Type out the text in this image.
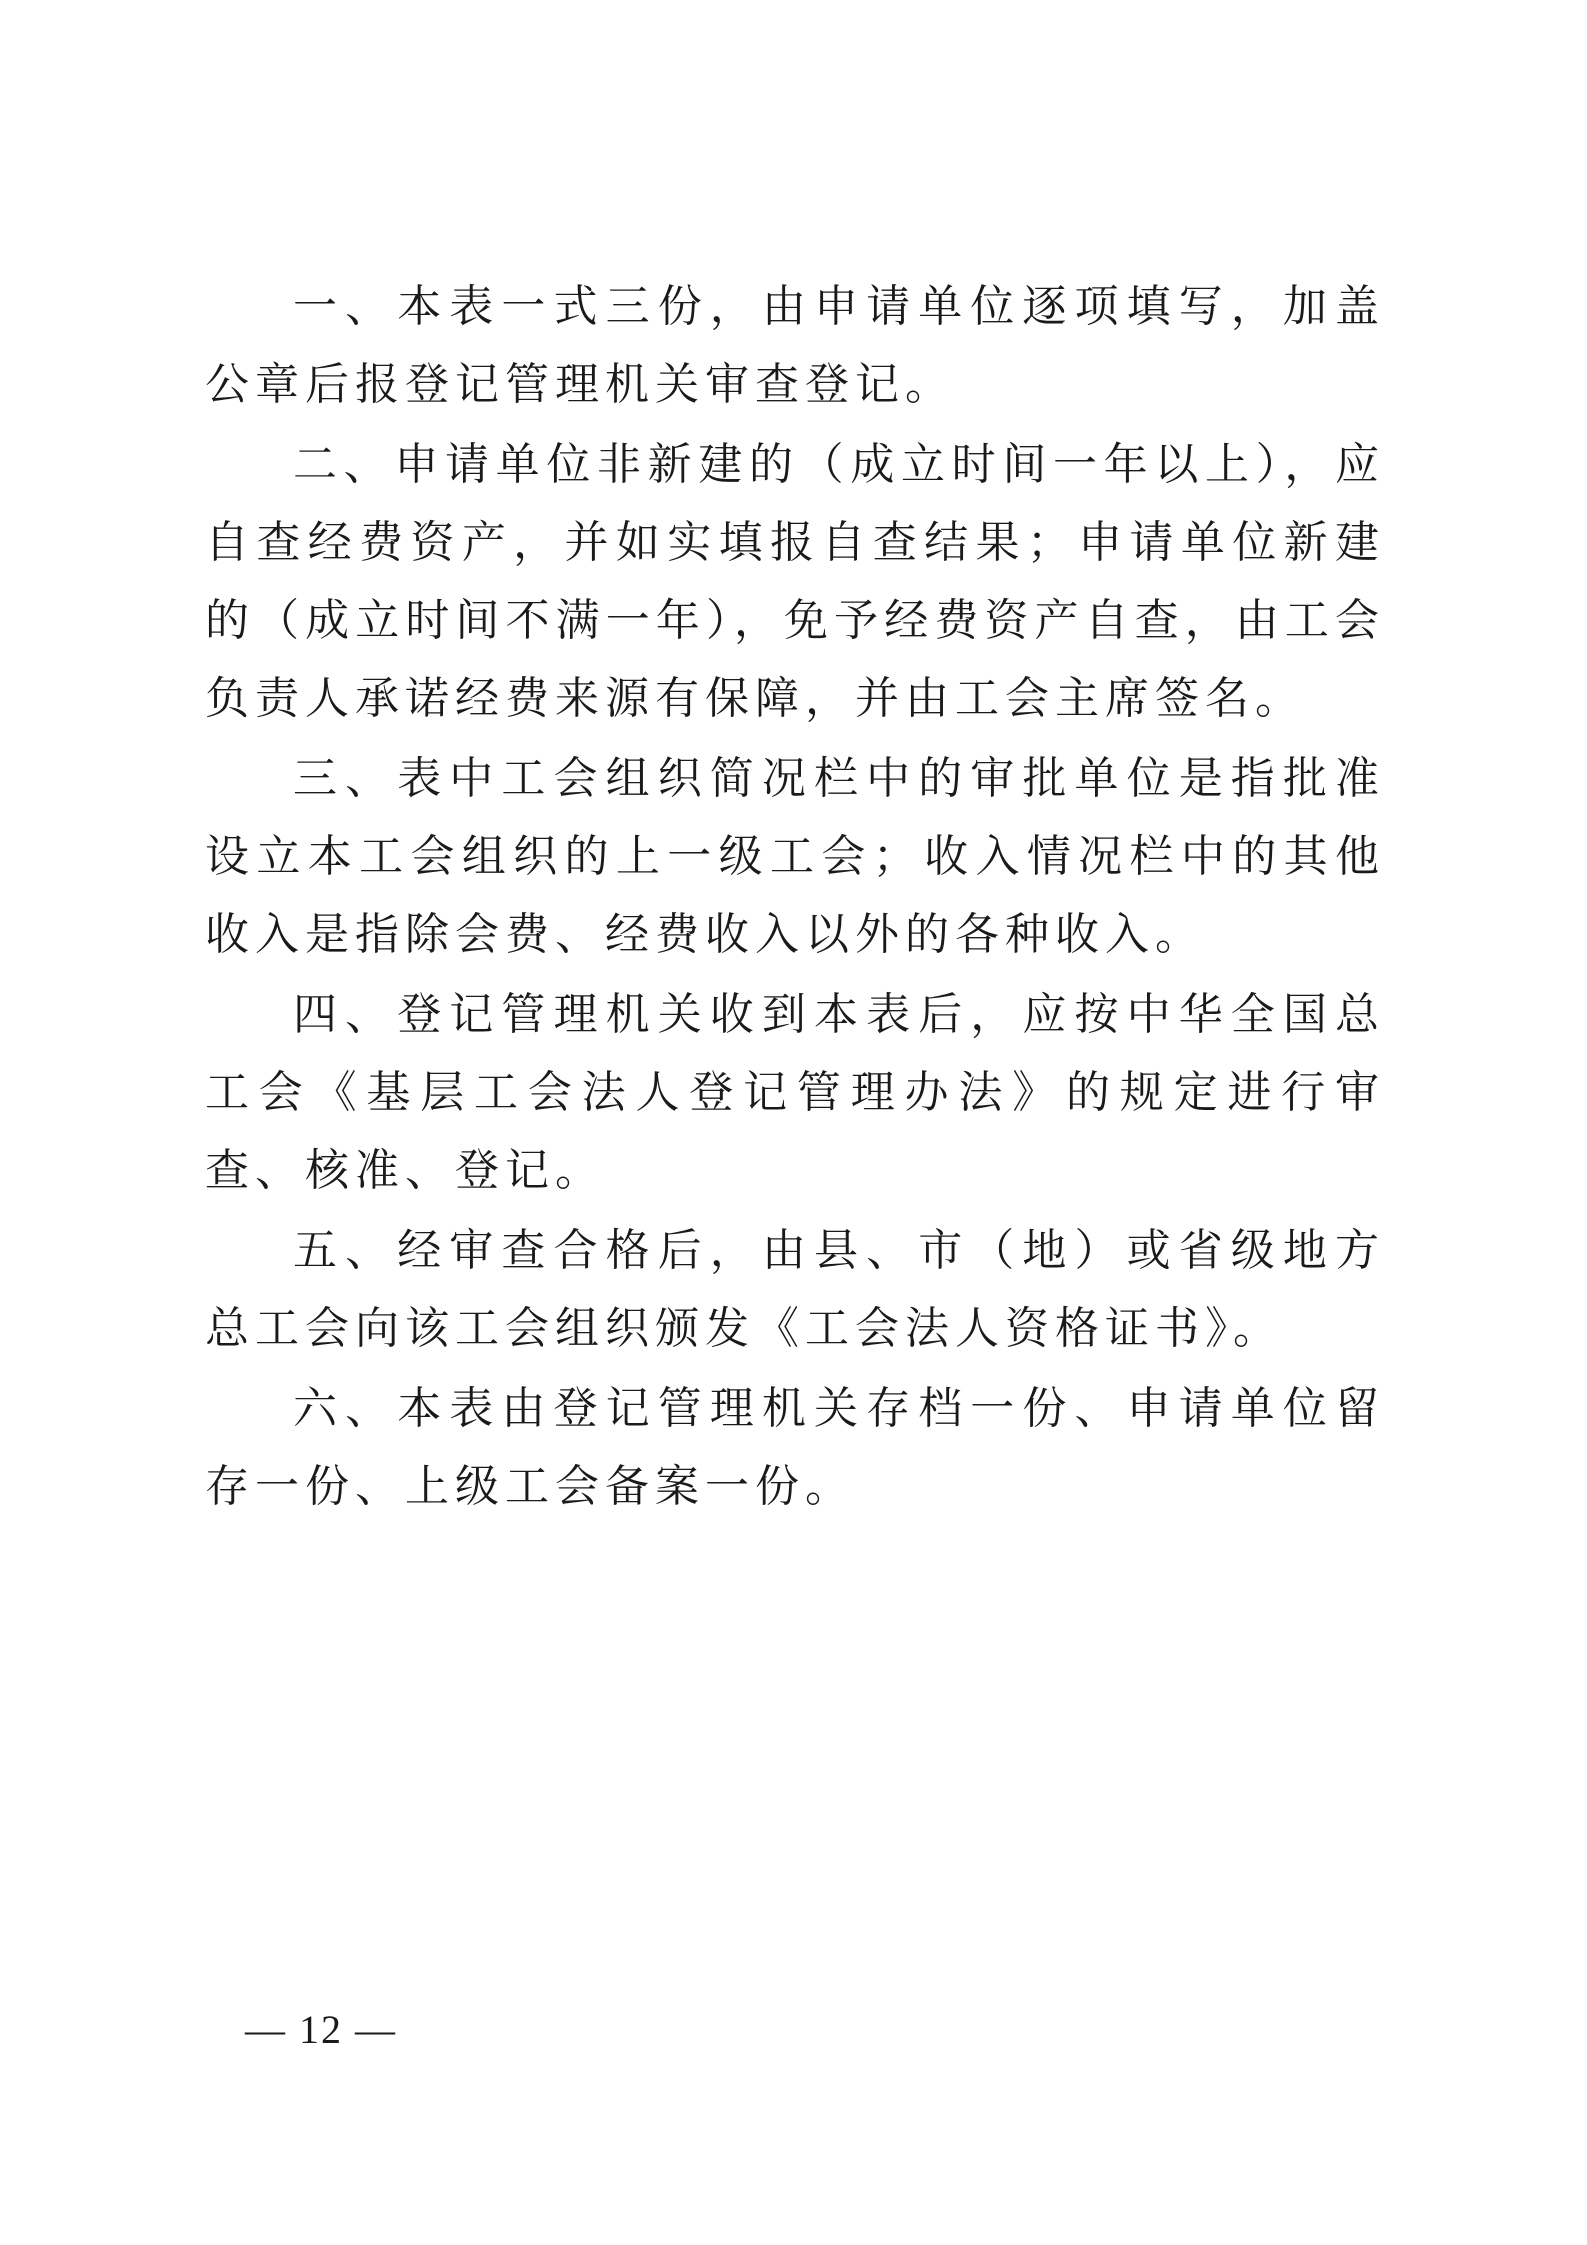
一、本表一式三份，由申请单位逐项填写，加盖公章后报登记管理机关审查登记。

二、申请单位非新建的（成立时间一年以上），应自查经费资产，并如实填报自查结果；申请单位新建的（成立时间不满一年），免予经费资产自查，由工会负责人承诺经费来源有保障，并由工会主席签名。

三、表中工会组织简况栏中的审批单位是指批准设立本工会组织的上一级工会；收入情况栏中的其他收入是指除会费、经费收入以外的各种收入。

四、登记管理机关收到本表后，应按中华全国总工会《基层工会法人登记管理办法》的规定进行审查、核准、登记。

五、经审查合格后，由县、市（地）或省级地方总工会向该工会组织颁发《工会法人资格证书》。

六、本表由登记管理机关存档一份、申请单位留存一份、上级工会备案一份。

— 12 —
